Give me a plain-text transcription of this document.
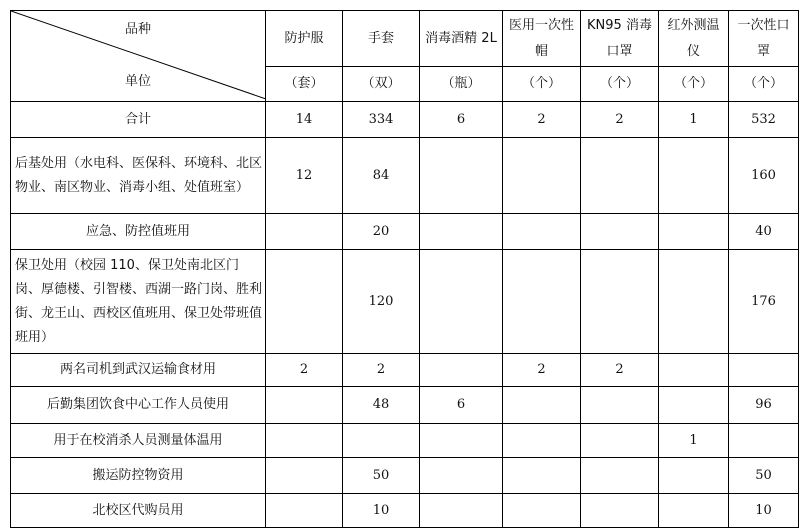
品种
单位	防护服	手套	消毒酒精 2L	医用一次性帽	KN95 消毒口罩	红外测温仪	一次性口罩
	（套）	（双）	（瓶）	（个）	（个）	（个）	（个）
合计	14	334	6	2	2	1	532
后基处用（水电科、医保科、环境科、北区物业、南区物业、消毒小组、处值班室）	12	84					160
应急、防控值班用		20					40
保卫处用（校园 110、保卫处南北区门岗、厚德楼、引智楼、西湖一路门岗、胜利街、龙王山、西校区值班用、保卫处带班值班用）		120					176
两名司机到武汉运输食材用	2	2		2	2		
后勤集团饮食中心工作人员使用		48	6				96
用于在校消杀人员测量体温用						1	
搬运防控物资用		50					50
北校区代购员用		10					10
